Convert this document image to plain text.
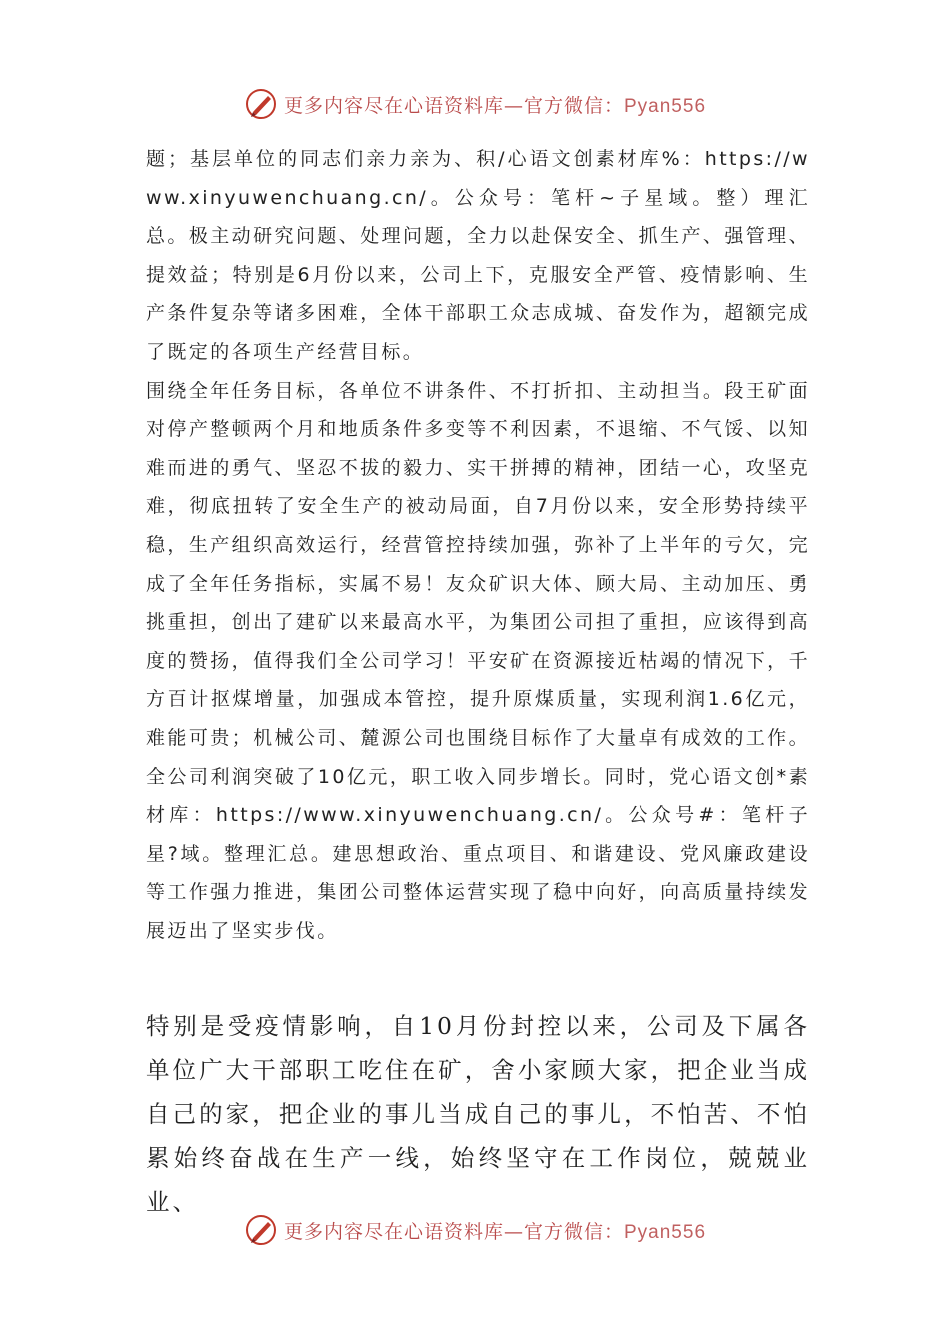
更多内容尽在心语资料库—官方微信：Pyan556

题；基层单位的同志们亲力亲为、积/心语文创素材库%：https://www.xinyuwenchuang.cn/。公众号：笔杆~子星域。整）理汇总。极主动研究问题、处理问题，全力以赴保安全、抓生产、强管理、提效益；特别是6月份以来，公司上下，克服安全严管、疫情影响、生产条件复杂等诸多困难，全体干部职工众志成城、奋发作为，超额完成了既定的各项生产经营目标。

围绕全年任务目标，各单位不讲条件、不打折扣、主动担当。段王矿面对停产整顿两个月和地质条件多变等不利因素，不退缩、不气馁、以知难而进的勇气、坚忍不拔的毅力、实干拼搏的精神，团结一心，攻坚克难，彻底扭转了安全生产的被动局面，自7月份以来，安全形势持续平稳，生产组织高效运行，经营管控持续加强，弥补了上半年的亏欠，完成了全年任务指标，实属不易！友众矿识大体、顾大局、主动加压、勇挑重担，创出了建矿以来最高水平，为集团公司担了重担，应该得到高度的赞扬，值得我们全公司学习！平安矿在资源接近枯竭的情况下，千方百计抠煤增量，加强成本管控，提升原煤质量，实现利润1.6亿元，难能可贵；机械公司、麓源公司也围绕目标作了大量卓有成效的工作。全公司利润突破了10亿元，职工收入同步增长。同时，党心语文创*素材库：https://www.xinyuwenchuang.cn/。公众号#：笔杆子星?域。整理汇总。建思想政治、重点项目、和谐建设、党风廉政建设等工作强力推进，集团公司整体运营实现了稳中向好，向高质量持续发展迈出了坚实步伐。

特别是受疫情影响，自10月份封控以来，公司及下属各单位广大干部职工吃住在矿，舍小家顾大家，把企业当成自己的家，把企业的事儿当成自己的事儿，不怕苦、不怕累始终奋战在生产一线，始终坚守在工作岗位，兢兢业业、

更多内容尽在心语资料库—官方微信：Pyan556
